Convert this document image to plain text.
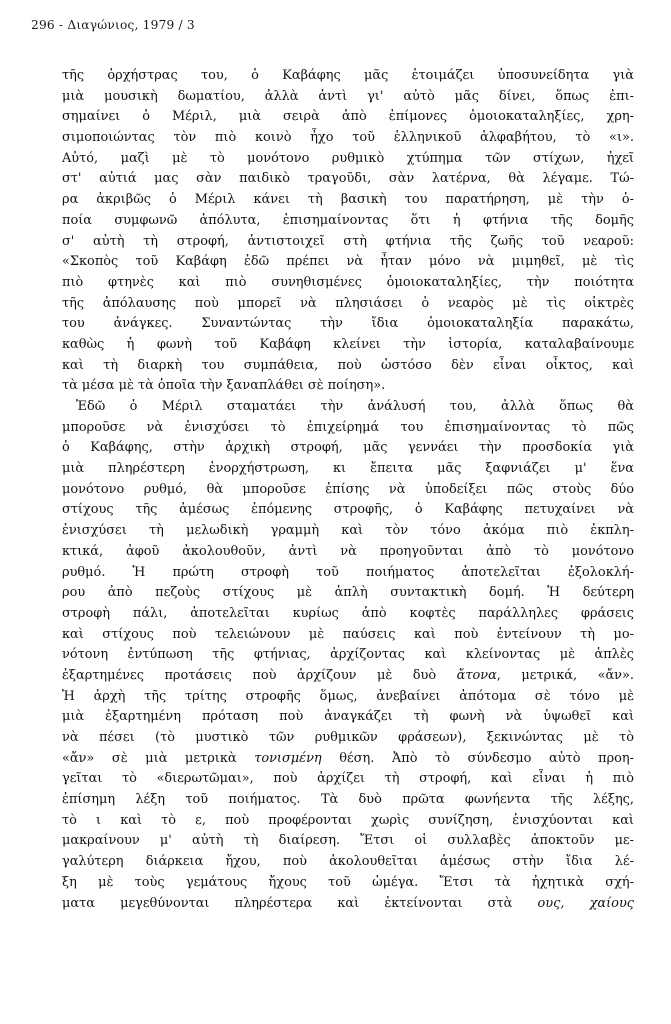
296 - Διαγώνιος, 1979 / 3
τῆς ὀρχήστρας του, ὁ Καβάφης μᾶς ἑτοιμάζει ὑποσυνείδητα γιὰ
μιὰ μουσικὴ δωματίου, ἀλλὰ ἀντὶ γι' αὐτὸ μᾶς δίνει, ὅπως ἐπι-
σημαίνει ὁ Μέριλ, μιὰ σειρὰ ἀπὸ ἐπίμονες ὁμοιοκαταληξίες, χρη-
σιμοποιώντας τὸν πιὸ κοινὸ ἦχο τοῦ ἑλληνικοῦ ἀλφαβήτου, τὸ «ι».
Αὐτό, μαζὶ μὲ τὸ μονότονο ρυθμικὸ χτύπημα τῶν στίχων, ἠχεῖ
στ' αὐτιά μας σὰν παιδικὸ τραγοῦδι, σὰν λατέρνα, θὰ λέγαμε. Τώ-
ρα ἀκριβῶς ὁ Μέριλ κάνει τὴ βασικὴ του παρατήρηση, μὲ τὴν ὁ-
ποία συμφωνῶ ἀπόλυτα, ἐπισημαίνοντας ὅτι ἡ φτήνια τῆς δομῆς
σ' αὐτὴ τὴ στροφή, ἀντιστοιχεῖ στὴ φτήνια τῆς ζωῆς τοῦ νεαροῦ:
«Σκοπὸς τοῦ Καβάφη ἐδῶ πρέπει νὰ ἦταν μόνο νὰ μιμηθεῖ, μὲ τὶς
πιὸ φτηνὲς καὶ πιὸ συνηθισμένες ὁμοιοκαταληξίες, τὴν ποιότητα
τῆς ἀπόλαυσης ποὺ μπορεῖ νὰ πλησιάσει ὁ νεαρὸς μὲ τὶς οἰκτρὲς
του ἀνάγκες. Συναντώντας τὴν ἴδια ὁμοιοκαταληξία παρακάτω,
καθὼς ἡ φωνὴ τοῦ Καβάφη κλείνει τὴν ἱστορία, καταλαβαίνουμε
καὶ τὴ διαρκὴ του συμπάθεια, ποὺ ὡστόσο δὲν εἶναι οἶκτος, καὶ
τὰ μέσα μὲ τὰ ὁποῖα τὴν ξαναπλάθει σὲ ποίηση».
Ἐδῶ ὁ Μέριλ σταματάει τὴν ἀνάλυσή του, ἀλλὰ ὅπως θὰ
μποροῦσε νὰ ἐνισχύσει τὸ ἐπιχείρημά του ἐπισημαίνοντας τὸ πῶς
ὁ Καβάφης, στὴν ἀρχικὴ στροφή, μᾶς γεννάει τὴν προσδοκία γιὰ
μιὰ πληρέστερη ἐνορχήστρωση, κι ἔπειτα μᾶς ξαφνιάζει μ' ἕνα
μονότονο ρυθμό, θὰ μποροῦσε ἐπίσης νὰ ὑποδείξει πῶς στοὺς δύο
στίχους τῆς ἀμέσως ἑπόμενης στροφῆς, ὁ Καβάφης πετυχαίνει νὰ
ἐνισχύσει τὴ μελωδικὴ γραμμὴ καὶ τὸν τόνο ἀκόμα πιὸ ἐκπλη-
κτικά, ἀφοῦ ἀκολουθοῦν, ἀντὶ νὰ προηγοῦνται ἀπὸ τὸ μονότονο
ρυθμό. Ἡ πρώτη στροφὴ τοῦ ποιήματος ἀποτελεῖται ἐξολοκλή-
ρου ἀπὸ πεζοὺς στίχους μὲ ἁπλὴ συντακτικὴ δομή. Ἡ δεύτερη
στροφὴ πάλι, ἀποτελεῖται κυρίως ἀπὸ κοφτὲς παράλληλες φράσεις
καὶ στίχους ποὺ τελειώνουν μὲ παύσεις καὶ ποὺ ἐντείνουν τὴ μο-
νότονη ἐντύπωση τῆς φτήνιας, ἀρχίζοντας καὶ κλείνοντας μὲ ἁπλὲς
ἐξαρτημένες προτάσεις ποὺ ἀρχίζουν μὲ δυὸ ἄτονα, μετρικά, «ἄν».
Ἡ ἀρχὴ τῆς τρίτης στροφῆς ὅμως, ἀνεβαίνει ἀπότομα σὲ τόνο μὲ
μιὰ ἐξαρτημένη πρόταση ποὺ ἀναγκάζει τὴ φωνὴ νὰ ὑψωθεῖ καὶ
νὰ πέσει (τὸ μυστικὸ τῶν ρυθμικῶν φράσεων), ξεκινώντας μὲ τὸ
«ἄν» σὲ μιὰ μετρικὰ τονισμένη θέση. Ἀπὸ τὸ σύνδεσμο αὐτὸ προη-
γεῖται τὸ «διερωτῶμαι», ποὺ ἀρχίζει τὴ στροφή, καὶ εἶναι ἡ πιὸ
ἐπίσημη λέξη τοῦ ποιήματος. Τὰ δυὸ πρῶτα φωνήεντα τῆς λέξης,
τὸ ι καὶ τὸ ε, ποὺ προφέρονται χωρὶς συνίζηση, ἐνισχύονται καὶ
μακραίνουν μ' αὐτὴ τὴ διαίρεση. Ἔτσι οἱ συλλαβὲς ἀποκτοῦν με-
γαλύτερη διάρκεια ἤχου, ποὺ ἀκολουθεῖται ἀμέσως στὴν ἴδια λέ-
ξη μὲ τοὺς γεμάτους ἤχους τοῦ ὠμέγα. Ἔτσι τὰ ἠχητικὰ σχή-
ματα μεγεθύνονται πληρέστερα καὶ ἐκτείνονται στὰ ους, χαίους
